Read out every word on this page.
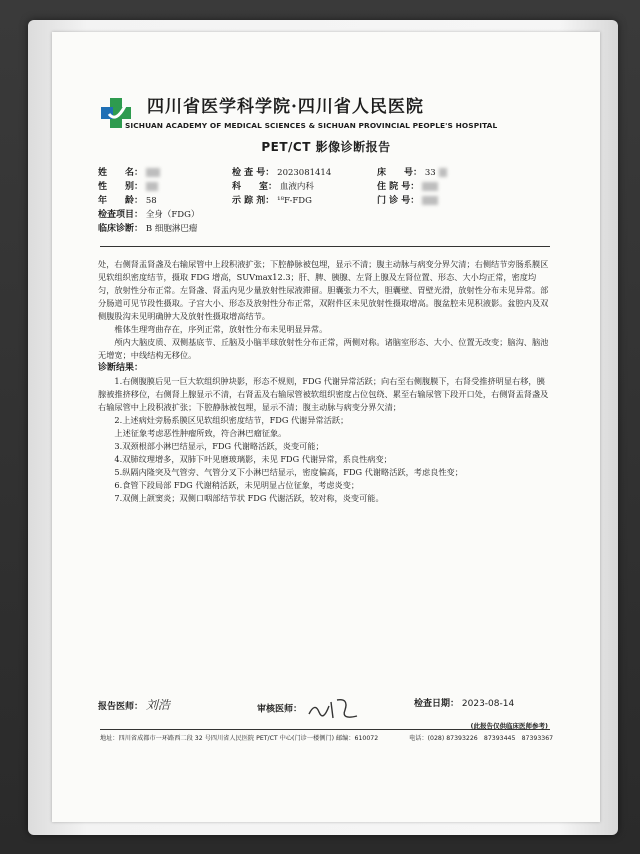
四川省医学科学院·四川省人民医院
SICHUAN ACADEMY OF MEDICAL SCIENCES & SICHUAN PROVINCIAL PEOPLE'S HOSPITAL
PET/CT 影像诊断报告
姓　　名：
性　　别：
年　　龄： 58
检查项目： 全身（FDG）
临床诊断： B 细胞淋巴瘤
检 查 号： 2023081414
科　　室： 血液内科
示 踪 剂： ¹⁸F-FDG
床　　号： 33
住 院 号：
门 诊 号：

处，右侧肾盂肾盏及右输尿管中上段积液扩张；下腔静脉被包埋，显示不清；腹主动脉与病变分界欠清；右侧结节旁肠系膜区见软组织密度结节，摄取 FDG 增高，SUVmax12.3；肝、脾、胰腺、左肾上腺及左肾位置、形态、大小均正常，密度均匀，放射性分布正常。左肾盏、肾盂内见少量放射性尿液滞留。胆囊张力不大，胆囊壁、胃壁光滑，放射性分布未见异常。部分肠道可见节段性摄取。子宫大小、形态及放射性分布正常，双附件区未见放射性摄取增高。腹盆腔未见积液影。盆腔内及双侧腹股沟未见明确肿大及放射性摄取增高结节。

椎体生理弯曲存在，序列正常，放射性分布未见明显异常。

颅内大脑皮质、双侧基底节、丘脑及小脑半球放射性分布正常，两侧对称。诸脑室形态、大小、位置无改变；脑沟、脑池无增宽；中线结构无移位。

诊断结果：

1.右侧腹膜后见一巨大软组织肿块影，形态不规则，FDG 代谢异常活跃；向右至右侧腹膜下，右肾受推挤明显右移，胰腺被推挤移位，右侧肾上腺显示不清，右肾盂及右输尿管被软组织密度占位包绕、累至右输尿管下段开口处，右侧肾盂肾盏及右输尿管中上段积液扩张；下腔静脉被包埋，显示不清；腹主动脉与病变分界欠清；

2.上述病灶旁肠系膜区见软组织密度结节，FDG 代谢异常活跃；

上述征象考虑恶性肿瘤所致，符合淋巴瘤征象。

3.双颈根部小淋巴结显示，FDG 代谢略活跃，炎变可能；

4.双肺纹理增多，双肺下叶见磨玻璃影，未见 FDG 代谢异常，系良性病变；

5.纵隔内隆突及气管旁、气管分叉下小淋巴结显示，密度偏高，FDG 代谢略活跃，考虑良性变；

6.食管下段局部 FDG 代谢稍活跃，未见明显占位征象，考虑炎变；

7.双侧上颌窦炎；双侧口咽部结节状 FDG 代谢活跃，较对称，炎变可能。

报告医师： 刘浩	审核医师：
检查日期： 2023-08-14
(此报告仅供临床医师参考)
地址：四川省成都市一环路西二段 32 号四川省人民医院 PET/CT 中心(门诊一楼侧门) 邮编：610072　　　　　电话：(028) 87393226　87393445　87393367
